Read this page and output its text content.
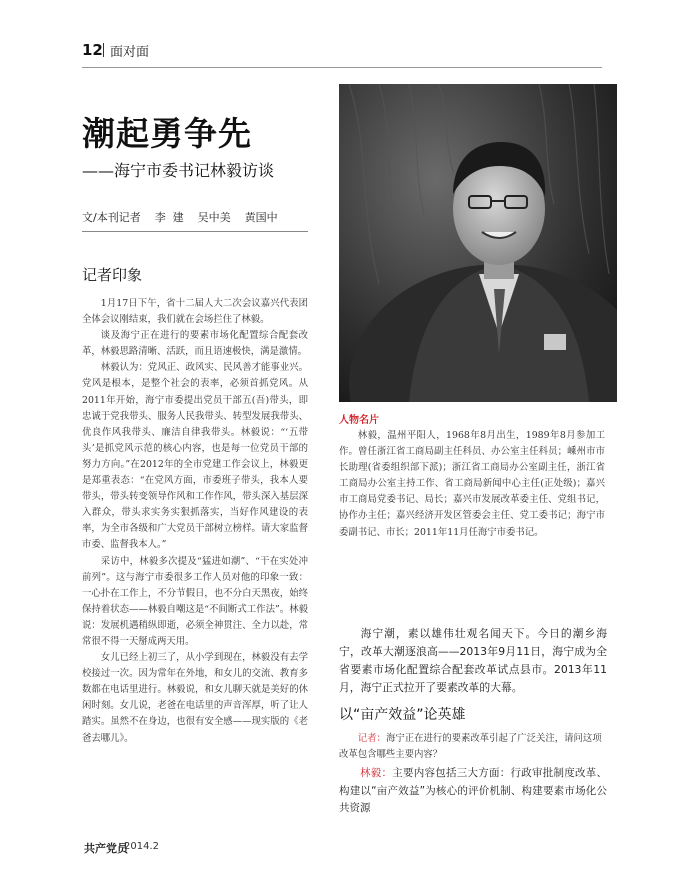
12 面对面
潮起勇争先
——海宁市委书记林毅访谈
文/本刊记者    李  建    吴中美    黄国中
记者印象

1月17日下午，省十二届人大二次会议嘉兴代表团全体会议刚结束，我们就在会场拦住了林毅。

谈及海宁正在进行的要素市场化配置综合配套改革，林毅思路清晰、活跃，而且语速极快，满是激情。

林毅认为：党风正、政风实、民风善才能事业兴。党风是根本，是整个社会的表率，必须首抓党风。从2011年开始，海宁市委提出党员干部五(吾)带头，即忠诚于党我带头、服务人民我带头、转型发展我带头、优良作风我带头、廉洁自律我带头。林毅说：“‘五带头’是抓党风示范的核心内容，也是每一位党员干部的努力方向。”在2012年的全市党建工作会议上，林毅更是郑重表态：“在党风方面，市委班子带头，我本人要带头，带头转变领导作风和工作作风，带头深入基层深入群众，带头求实务实狠抓落实，当好作风建设的表率，为全市各级和广大党员干部树立榜样。请大家监督市委、监督我本人。”

采访中，林毅多次提及“猛进如潮”、“干在实处冲前列”。这与海宁市委很多工作人员对他的印象一致：一心扑在工作上，不分节假日，也不分白天黑夜，始终保持着状态——林毅自嘲这是“不间断式工作法”。林毅说：发展机遇稍纵即逝，必须全神贯注、全力以赴，常常很不得一天掰成两天用。

女儿已经上初三了，从小学到现在，林毅没有去学校接过一次。因为常年在外地，和女儿的交流、教育多数都在电话里进行。林毅说，和女儿聊天就是美好的休闲时刻。女儿说，老爸在电话里的声音浑厚，听了让人踏实。虽然不在身边，也很有安全感——现实版的《老爸去哪儿》。

人物名片

林毅，温州平阳人，1968年8月出生，1989年8月参加工作。曾任浙江省工商局副主任科员、办公室主任科员；嵊州市市长助理(省委组织部下派)；浙江省工商局办公室副主任，浙江省工商局办公室主持工作、省工商局新闻中心主任(正处级)；嘉兴市工商局党委书记、局长；嘉兴市发展改革委主任、党组书记，协作办主任；嘉兴经济开发区管委会主任、党工委书记；海宁市委副书记、市长；2011年11月任海宁市委书记。

海宁潮，素以雄伟壮观名闻天下。今日的潮乡海宁，改革大潮逐浪高——2013年9月11日，海宁成为全省要素市场化配置综合配套改革试点县市。2013年11月，海宁正式拉开了要素改革的大幕。

以“亩产效益”论英雄

记者：海宁正在进行的要素改革引起了广泛关注，请问这项改革包含哪些主要内容？

林毅：主要内容包括三大方面：行政审批制度改革、构建以“亩产效益”为核心的评价机制、构建要素市场化公共资源

共产党员
2014.2
